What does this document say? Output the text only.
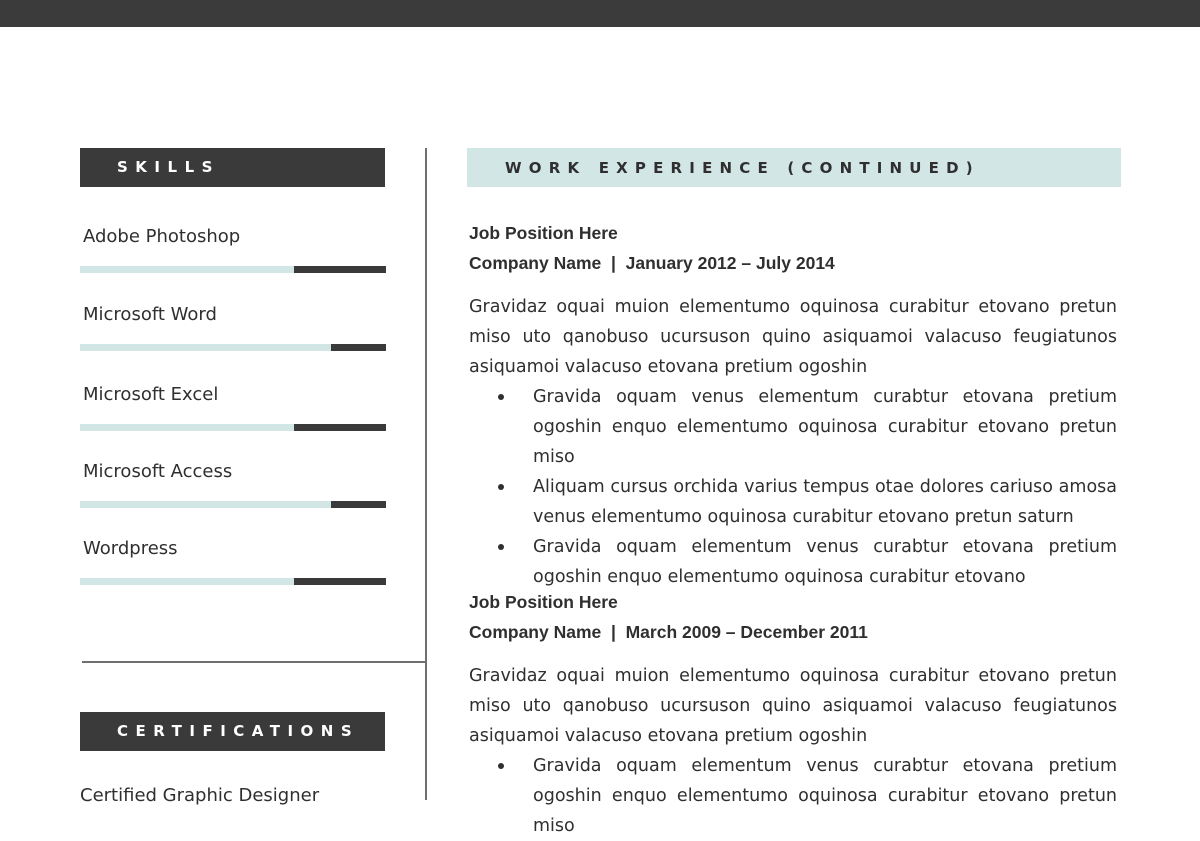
SKILLS
Adobe Photoshop
Microsoft Word
Microsoft Excel
Microsoft Access
Wordpress
CERTIFICATIONS
Certified Graphic Designer
WORK EXPERIENCE (CONTINUED)
Job Position Here
Company Name  |  January 2012 – July 2014
Gravidaz oquai muion elementumo oquinosa curabitur etovano pretun miso uto qanobuso ucursuson quino asiquamoi valacuso feugiatunos asiquamoi valacuso etovana pretium ogoshin
Gravida oquam venus elementum curabtur etovana pretium ogoshin enquo elementumo oquinosa curabitur etovano pretun miso
Aliquam cursus orchida varius tempus otae dolores cariuso amosa venus elementumo oquinosa curabitur etovano pretun saturn
Gravida oquam elementum venus curabtur etovana pretium ogoshin enquo elementumo oquinosa curabitur etovano
Job Position Here
Company Name  |  March 2009 – December 2011
Gravidaz oquai muion elementumo oquinosa curabitur etovano pretun miso uto qanobuso ucursuson quino asiquamoi valacuso feugiatunos asiquamoi valacuso etovana pretium ogoshin
Gravida oquam elementum venus curabtur etovana pretium ogoshin enquo elementumo oquinosa curabitur etovano pretun miso
